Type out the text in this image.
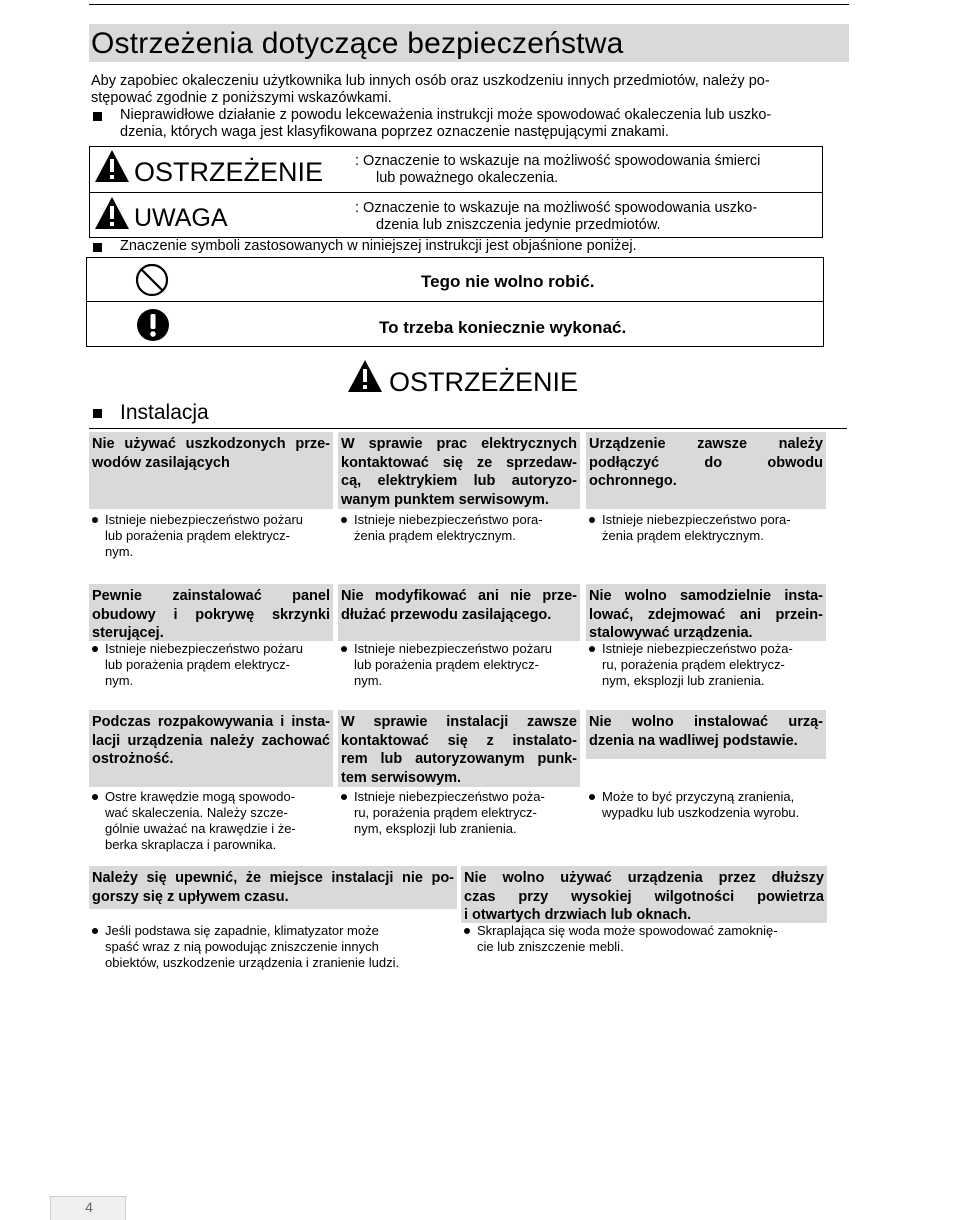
Ostrzeżenia dotyczące bezpieczeństwa
Aby zapobiec okaleczeniu użytkownika lub innych osób oraz uszkodzeniu innych przedmiotów, należy po-
stępować zgodnie z poniższymi wskazówkami.
Nieprawidłowe działanie z powodu lekceważenia instrukcji może spowodować okaleczenia lub uszko-
dzenia, których waga jest klasyfikowana poprzez oznaczenie następującymi znakami.
OSTRZEŻENIE : Oznaczenie to wskazuje na możliwość spowodowania śmierci
lub poważnego okaleczenia.
UWAGA	: Oznaczenie to wskazuje na możliwość spowodowania uszko-
dzenia lub zniszczenia jedynie przedmiotów.
Znaczenie symboli zastosowanych w niniejszej instrukcji jest objaśnione poniżej.
Tego nie wolno robić.
To trzeba koniecznie wykonać.
OSTRZEŻENIE
Instalacja
Nie używać uszkodzonych prze-
wodów zasilających
Istnieje niebezpieczeństwo pożaru
lub porażenia prądem elektrycz-
nym.
W sprawie prac elektrycznych
kontaktować się ze sprzedaw-
cą, elektrykiem lub autoryzo-
wanym punktem serwisowym.
Istnieje niebezpieczeństwo pora-
żenia prądem elektrycznym.
Urządzenie zawsze należy
podłączyć do obwodu
ochronnego.
Istnieje niebezpieczeństwo pora-
żenia prądem elektrycznym.
Pewnie zainstalować panel
obudowy i pokrywę skrzynki
sterującej.
Istnieje niebezpieczeństwo pożaru
lub porażenia prądem elektrycz-
nym.
Nie modyfikować ani nie prze-
dłużać przewodu zasilającego.
Istnieje niebezpieczeństwo pożaru
lub porażenia prądem elektrycz-
nym.
Nie wolno samodzielnie insta-
lować, zdejmować ani przein-
stalowywać urządzenia.
Istnieje niebezpieczeństwo poża-
ru, porażenia prądem elektrycz-
nym, eksplozji lub zranienia.
Podczas rozpakowywania i insta-
lacji urządzenia należy zachować
ostrożność.
Ostre krawędzie mogą spowodo-
wać skaleczenia. Należy szcze-
gólnie uważać na krawędzie i że-
berka skraplacza i parownika.
W sprawie instalacji zawsze
kontaktować się z instalato-
rem lub autoryzowanym punk-
tem serwisowym.
Istnieje niebezpieczeństwo poża-
ru, porażenia prądem elektrycz-
nym, eksplozji lub zranienia.
Nie wolno instalować urzą-
dzenia na wadliwej podstawie.
Może to być przyczyną zranienia,
wypadku lub uszkodzenia wyrobu.
Należy się upewnić, że miejsce instalacji nie po-
gorszy się z upływem czasu.
Jeśli podstawa się zapadnie, klimatyzator może
spaść wraz z nią powodując zniszczenie innych
obiektów, uszkodzenie urządzenia i zranienie ludzi.
Nie wolno używać urządzenia przez dłuższy
czas przy wysokiej wilgotności powietrza
i otwartych drzwiach lub oknach.
Skraplająca się woda może spowodować zamoknię-
cie lub zniszczenie mebli.
4
